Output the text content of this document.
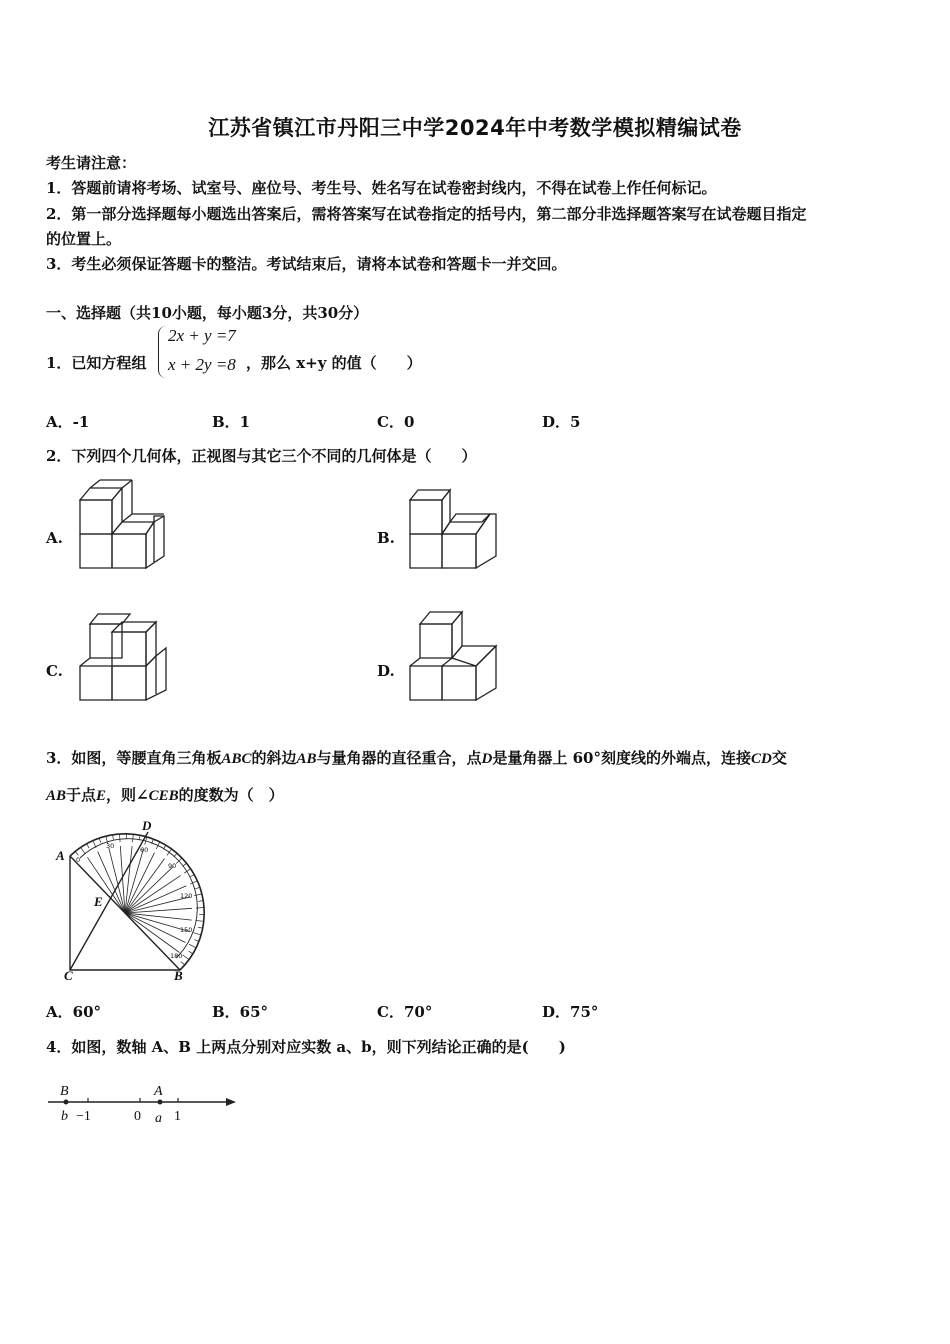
江苏省镇江市丹阳三中学2024年中考数学模拟精编试卷
考生请注意：
1．答题前请将考场、试室号、座位号、考生号、姓名写在试卷密封线内，不得在试卷上作任何标记。
2．第一部分选择题每小题选出答案后，需将答案写在试卷指定的括号内，第二部分非选择题答案写在试卷题目指定
的位置上。
3．考生必须保证答题卡的整洁。考试结束后，请将本试卷和答题卡一并交回。
一、选择题（共10小题，每小题3分，共30分）
1．已知方程组
2x + y =7
x + 2y =8 ，那么 x+y 的值（　　）
A．-1	B．1	C．0	D．5
2．下列四个几何体，正视图与其它三个不同的几何体是（　　）
A.	B.
C.	D.
3．如图，等腰直角三角板ABC的斜边AB与量角器的直径重合，点D是量角器上 60°刻度线的外端点，连接CD交
AB于点E，则∠CEB的度数为（　）
A
D
E
C	B
0
30	60
90
120
150
180
A．60°	B．65°	C．70°	D．75°
4．如图，数轴 A、B 上两点分别对应实数 a、b，则下列结论正确的是(　　)
B	A
b −1	0 a 1
